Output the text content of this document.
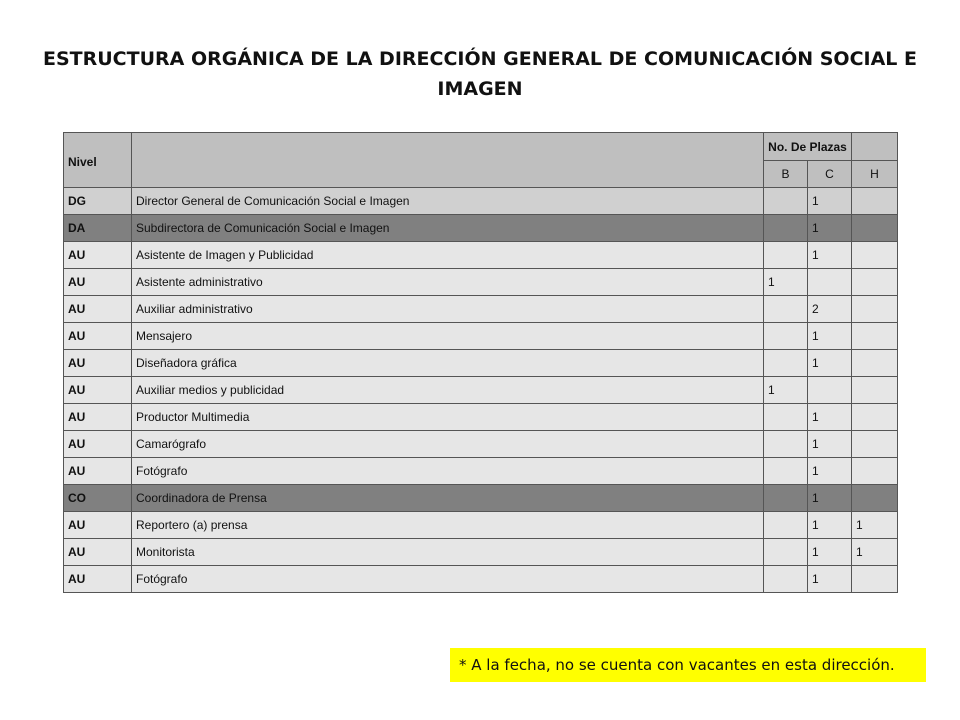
ESTRUCTURA ORGÁNICA DE LA DIRECCIÓN GENERAL DE COMUNICACIÓN SOCIAL E IMAGEN
Nivel		No. De Plazas		
		B	C	H
DG	Director General de Comunicación Social e Imagen		1	
DA	Subdirectora de Comunicación Social e Imagen		1	
AU	Asistente de Imagen y Publicidad		1	
AU	Asistente administrativo	1		
AU	Auxiliar administrativo		2	
AU	Mensajero		1	
AU	Diseñadora gráfica		1	
AU	Auxiliar medios y publicidad	1		
AU	Productor Multimedia		1	
AU	Camarógrafo		1	
AU	Fotógrafo		1	
CO	Coordinadora de Prensa		1	
AU	Reportero (a) prensa		1	1
AU	Monitorista		1	1
AU	Fotógrafo		1	
* A la fecha, no se cuenta con vacantes en esta dirección.
